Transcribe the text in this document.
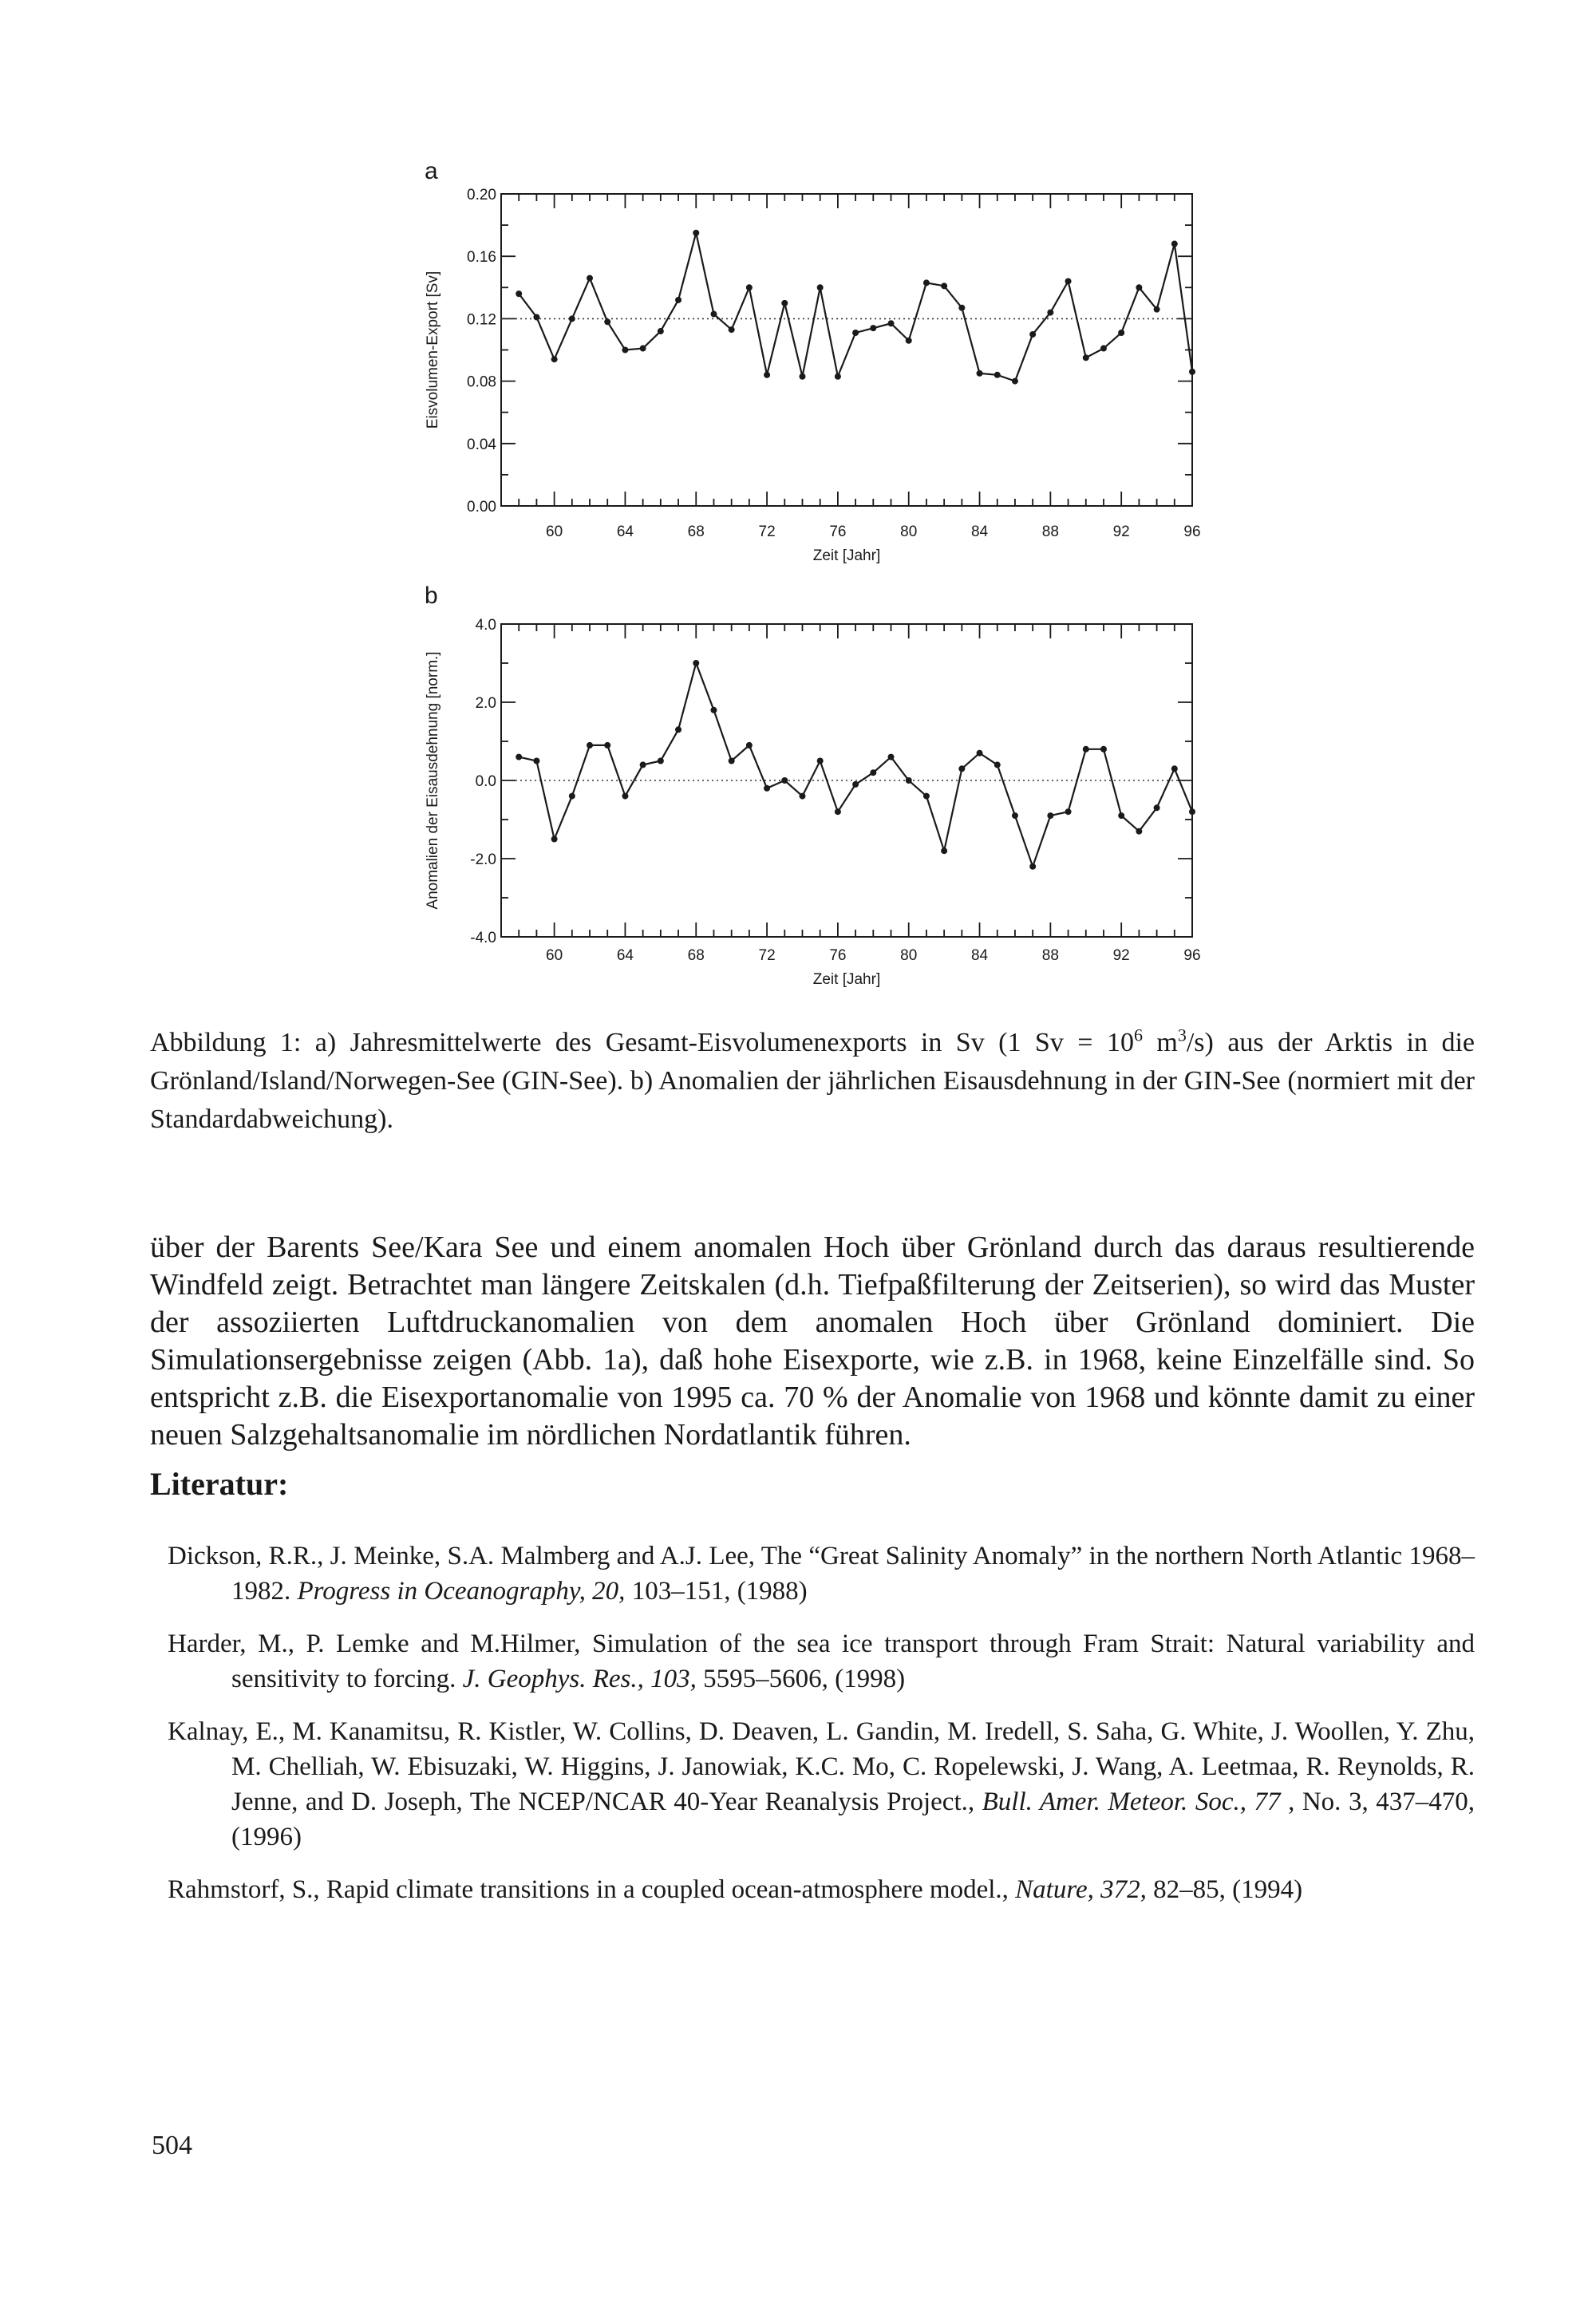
a
60	64	68	72	76	80	84	88	92	96
0.00
0.04
0.08
0.12
0.16
0.20
Zeit [Jahr]
Eisvolumen-Export [Sv]
b
60	64	68	72	76	80	84	88	92	96
-4.0
-2.0
0.0
2.0
4.0
Zeit [Jahr]
Anomalien der Eisausdehnung [norm.]

Abbildung 1: a) Jahresmittelwerte des Gesamt-Eisvolumenexports in Sv (1 $Sv = 10^6$ $m^3/s$) aus der Arktis in die Grönland/Island/Norwegen-See (GIN-See). b) Anomalien der jährlichen Eisausdehnung in der GIN-See (normiert mit der Standardabweichung).

über der Barents See/Kara See und einem anomalen Hoch über Grönland durch das daraus resultierende Windfeld zeigt. Betrachtet man längere Zeitskalen (d.h. Tiefpaßfilterung der Zeitserien), so wird das Muster der assoziierten Luftdruckanomalien von dem anomalen Hoch über Grönland dominiert. Die Simulationsergebnisse zeigen (Abb. 1a), daß hohe Eisexporte, wie z.B. in 1968, keine Einzelfälle sind. So entspricht z.B. die Eisexportanomalie von 1995 ca. 70 % der Anomalie von 1968 und könnte damit zu einer neuen Salzgehaltsanomalie im nördlichen Nordatlantik führen.

Literatur:
Dickson, R.R., J. Meinke, S.A. Malmberg and A.J. Lee, The “Great Salinity Anomaly” in the northern North Atlantic 1968–1982. Progress in Oceanography, 20, 103–151, (1988)
Harder, M., P. Lemke and M.Hilmer, Simulation of the sea ice transport through Fram Strait: Natural variability and sensitivity to forcing. J. Geophys. Res., 103, 5595–5606, (1998)
Kalnay, E., M. Kanamitsu, R. Kistler, W. Collins, D. Deaven, L. Gandin, M. Iredell, S. Saha, G. White, J. Woollen, Y. Zhu, M. Chelliah, W. Ebisuzaki, W. Higgins, J. Janowiak, K.C. Mo, C. Ropelewski, J. Wang, A. Leetmaa, R. Reynolds, R. Jenne, and D. Joseph, The NCEP/NCAR 40-Year Reanalysis Project., Bull. Amer. Meteor. Soc., 77 , No. 3, 437–470, (1996)
Rahmstorf, S., Rapid climate transitions in a coupled ocean-atmosphere model., Nature, 372, 82–85, (1994)
504
